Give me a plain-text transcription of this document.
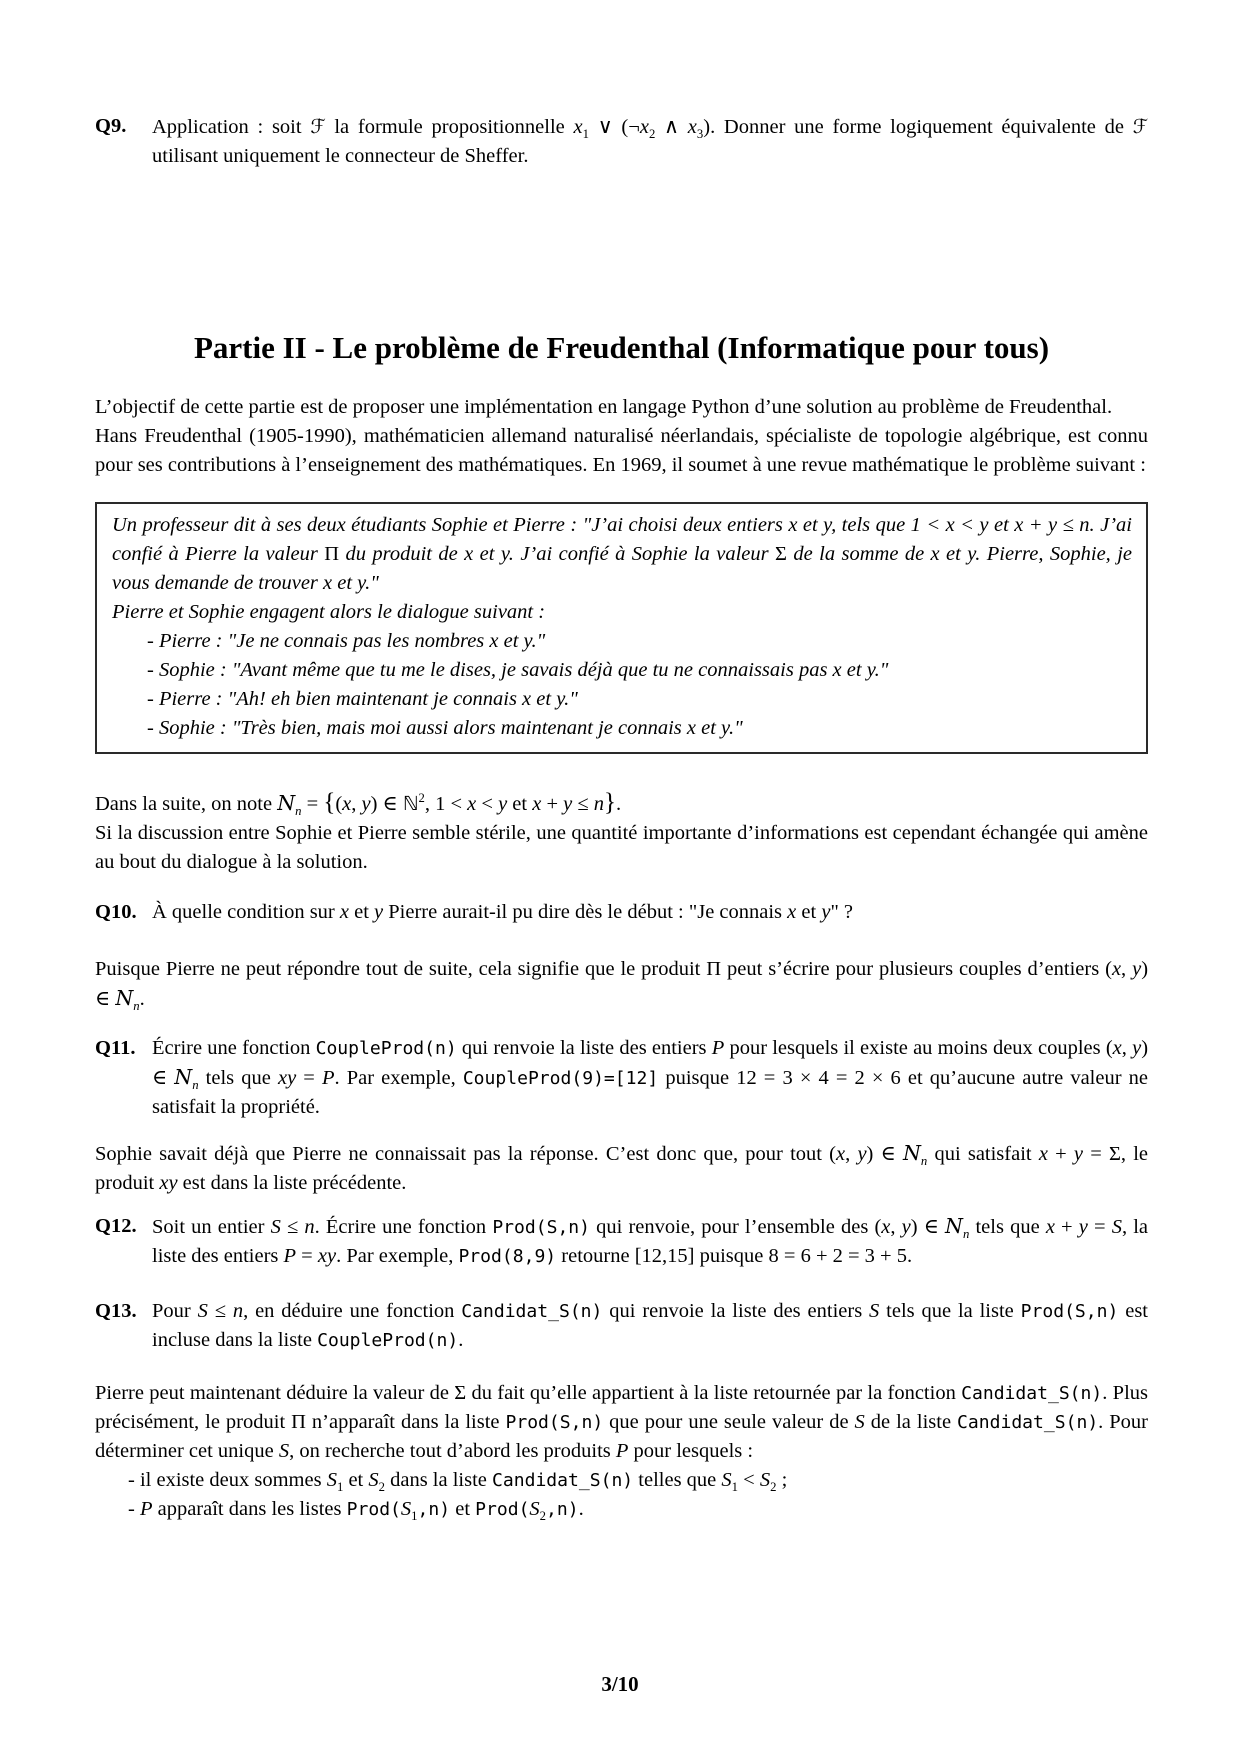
Q9.	Application : soit ℱ la formule propositionnelle $x_1$ ∨ ($\neg x_2$ ∧ $x_3$). Donner une forme logiquement équivalente de ℱ utilisant uniquement le connecteur de Sheffer.
Partie II - Le problème de Freudenthal (Informatique pour tous)
L’objectif de cette partie est de proposer une implémentation en langage Python d’une solution au problème de Freudenthal.
Hans Freudenthal (1905-1990), mathématicien allemand naturalisé néerlandais, spécialiste de topologie algébrique, est connu pour ses contributions à l’enseignement des mathématiques. En 1969, il soumet à une revue mathématique le problème suivant :
Un professeur dit à ses deux étudiants Sophie et Pierre : "J’ai choisi deux entiers x et y, tels que 1 < x < y et x + y ≤ n. J’ai confié à Pierre la valeur Π du produit de x et y. J’ai confié à Sophie la valeur Σ de la somme de x et y. Pierre, Sophie, je vous demande de trouver x et y."
Pierre et Sophie engagent alors le dialogue suivant :
- Pierre : "Je ne connais pas les nombres x et y."
- Sophie : "Avant même que tu me le dises, je savais déjà que tu ne connaissais pas x et y."
- Pierre : "Ah! eh bien maintenant je connais x et y."
- Sophie : "Très bien, mais moi aussi alors maintenant je connais x et y."
Dans la suite, on note $N_n = \{(x$, y) ∈ ℕ$^2$, 1 < x < y et x + y ≤ n}.
Si la discussion entre Sophie et Pierre semble stérile, une quantité importante d’informations est cependant échangée qui amène au bout du dialogue à la solution.
Q10. À quelle condition sur x et y Pierre aurait-il pu dire dès le début : "Je connais x et y" ?
Puisque Pierre ne peut répondre tout de suite, cela signifie que le produit Π peut s’écrire pour plusieurs couples d’entiers (x, y) ∈ $N_n$.
Q11. Écrire une fonction CoupleProd(n) qui renvoie la liste des entiers P pour lesquels il existe au moins deux couples (x, y) ∈ $N_n$ tels que xy = P. Par exemple, CoupleProd(9)=[12] puisque 12 = 3 × 4 = 2 × 6 et qu’aucune autre valeur ne satisfait la propriété.
Sophie savait déjà que Pierre ne connaissait pas la réponse. C’est donc que, pour tout (x, y) ∈ $N_n$ qui satisfait x + y = Σ, le produit xy est dans la liste précédente.
Q12. Soit un entier S ≤ n. Écrire une fonction Prod(S,n) qui renvoie, pour l’ensemble des (x, y) ∈ $N_n$ tels que x + y = S, la liste des entiers P = xy. Par exemple, Prod(8,9) retourne [12,15] puisque 8 = 6 + 2 = 3 + 5.
Q13. Pour S ≤ n, en déduire une fonction Candidat_S(n) qui renvoie la liste des entiers S tels que la liste Prod(S,n) est incluse dans la liste CoupleProd(n).
Pierre peut maintenant déduire la valeur de Σ du fait qu’elle appartient à la liste retournée par la fonction Candidat_S(n). Plus précisément, le produit Π n’apparaît dans la liste Prod(S,n) que pour une seule valeur de S de la liste Candidat_S(n). Pour déterminer cet unique S, on recherche tout d’abord les produits P pour lesquels :
- il existe deux sommes $S_1$ et $S_2$ dans la liste Candidat_S(n) telles que $S_1 < S_2$ ;
- P apparaît dans les listes $Prod(S_1,n)$ et $Prod(S_2,n)$.
3/10
